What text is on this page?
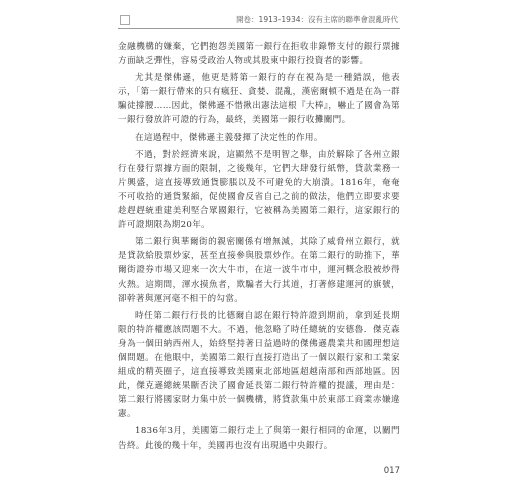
開卷：1913–1934：沒有主席的聯準會混亂時代

金融機構的嫌棄，它們抱怨美國第一銀行在拒收非錄幣支付的銀行票據方面缺乏彈性，容易受政治人物或其股東中銀行投資者的影響。

尤其是傑佛遜，他更是將第一銀行的存在視為是一種錯誤，他表示，「第一銀行帶來的只有瘋狂、貪婪、混亂，漢密爾頓不過是在為一群騙徒撐腰……因此，傑佛遜不惜揪出憲法這根『大棒』，嚇止了國會為第一銀行發放許可證的行為，最終，美國第一銀行收攤關門。

在這過程中，傑佛遜主義發揮了決定性的作用。

不過，對於經濟來說，這顯然不是明智之舉，由於解除了各州立銀行在發行票據方面的限制，之後幾年，它們大肆發行紙幣，貸款業務一片興盛，這直接導致通貨膨脹以及不可避免的大崩潰。1816年，奄奄不可收拾的通貨緊縮，促使國會反省自己之前的做法，他們立即要求要趁趕趕統重建美利堅合眾國銀行，它被稱為美國第二銀行，這家銀行的許可證期限為期20年。

第二銀行與華爾街的親密關係有增無減，其除了威脅州立銀行，就是貸款給股票炒家，甚至直接參與股票炒作。在第二銀行的助推下，華爾街證券市場又迎來一次大牛市，在這一波牛市中，運河概念股被炒得火熱。這期間，渾水摸魚者，欺騙者大行其道，打著修建運河的旗號，卻幹著與運河毫不相干的勾當。

時任第二銀行行長的比德爾自認在銀行特許證到期前，拿到延長期限的特許權應該問題不大。不過，他忽略了時任總統的安德魯．傑克森身為一個田納西州人，始終堅持著日益過時的傑佛遜農業共和國理想這個問題。在他眼中，美國第二銀行直接打造出了一個以銀行家和工業家組成的精英圈子，這直接導致美國東北部地區超越南部和西部地區。因此，傑克遜總統果斷否決了國會延長第二銀行特許權的提議，理由是：第二銀行將國家財力集中於一個機構，將貸款集中於東部工商業赤嫌違憲。

1836年3月，美國第二銀行走上了與第一銀行相同的命運，以關門告終。此後的幾十年，美國再也沒有出現過中央銀行。

017
